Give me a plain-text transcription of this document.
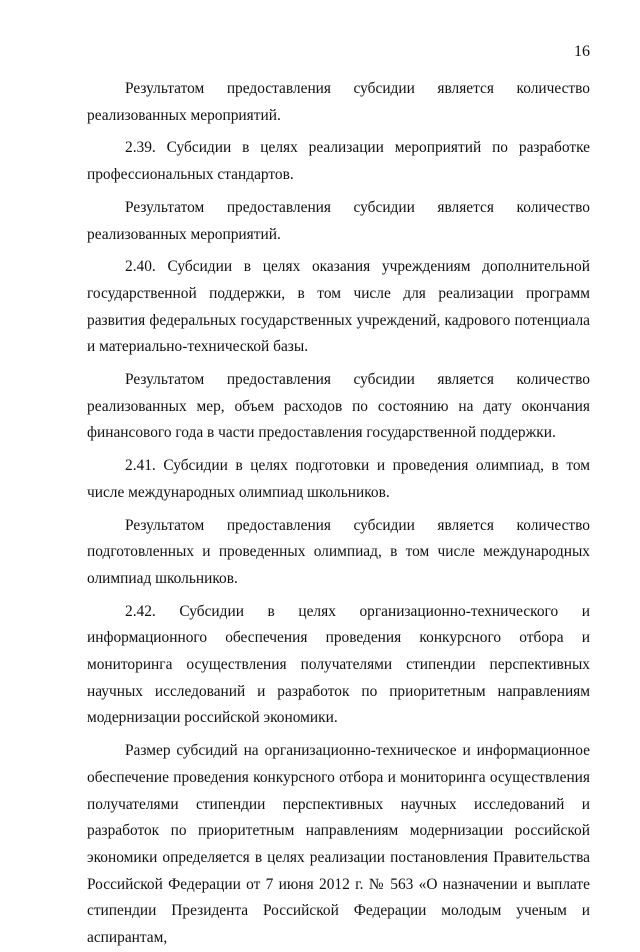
16

Результатом предоставления субсидии является количество реализованных мероприятий.

2.39. Субсидии в целях реализации мероприятий по разработке профессиональных стандартов.

Результатом предоставления субсидии является количество реализованных мероприятий.

2.40. Субсидии в целях оказания учреждениям дополнительной государственной поддержки, в том числе для реализации программ развития федеральных государственных учреждений, кадрового потенциала и материально-технической базы.

Результатом предоставления субсидии является количество реализованных мер, объем расходов по состоянию на дату окончания финансового года в части предоставления государственной поддержки.

2.41. Субсидии в целях подготовки и проведения олимпиад, в том числе международных олимпиад школьников.

Результатом предоставления субсидии является количество подготовленных и проведенных олимпиад, в том числе международных олимпиад школьников.

2.42. Субсидии в целях организационно-технического и информационного обеспечения проведения конкурсного отбора и мониторинга осуществления получателями стипендии перспективных научных исследований и разработок по приоритетным направлениям модернизации российской экономики.

Размер субсидий на организационно-техническое и информационное обеспечение проведения конкурсного отбора и мониторинга осуществления получателями стипендии перспективных научных исследований и разработок по приоритетным направлениям модернизации российской экономики определяется в целях реализации постановления Правительства Российской Федерации от 7 июня 2012 г. № 563 «О назначении и выплате стипендии Президента Российской Федерации молодым ученым и аспирантам,
